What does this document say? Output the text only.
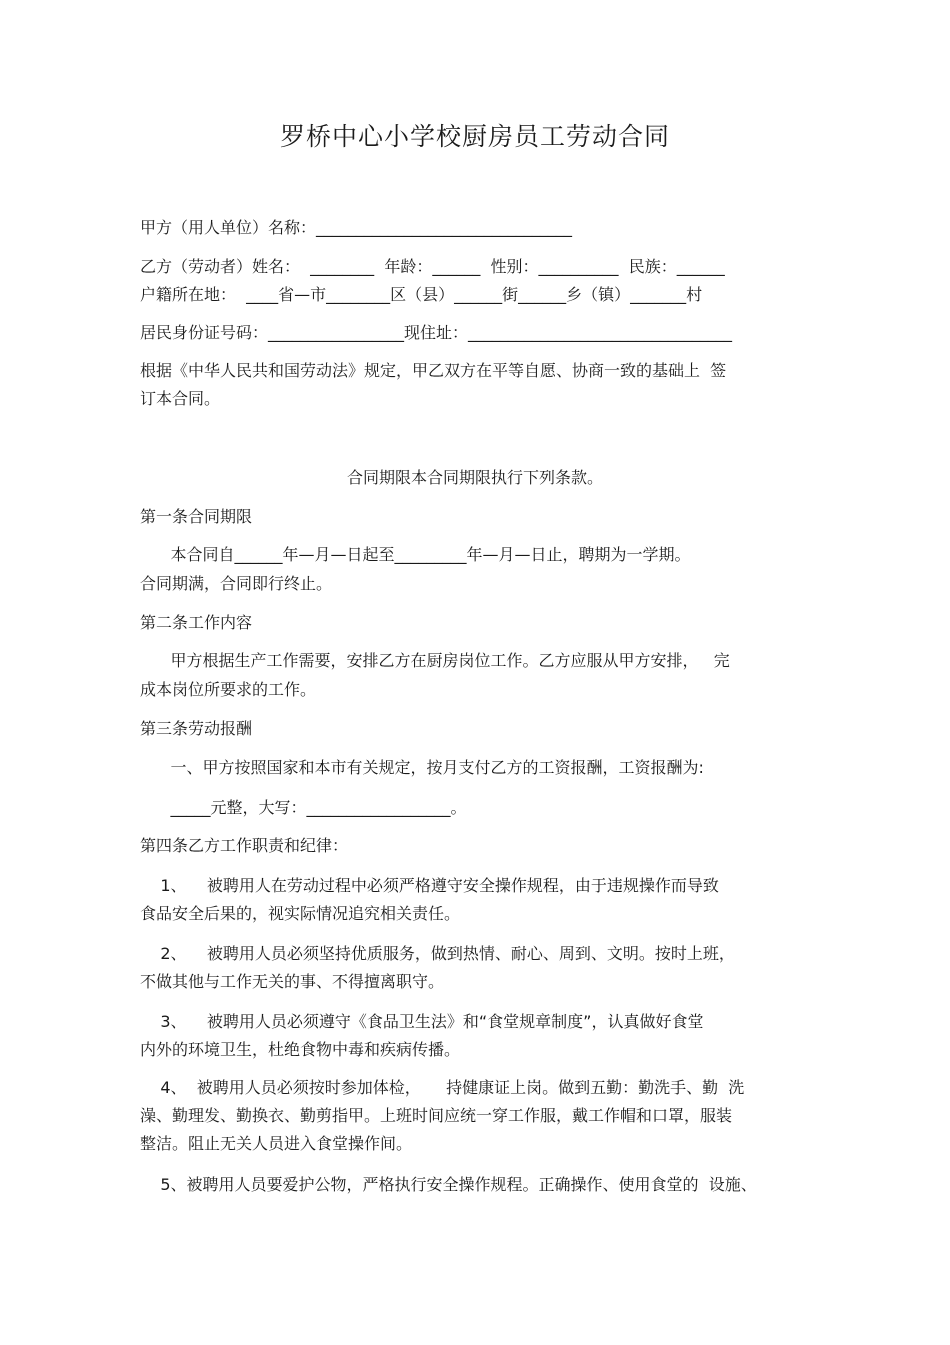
罗桥中心小学校厨房员工劳动合同
甲方（用人单位）名称：________________________________
乙方（劳动者）姓名：  ________  年龄：______  性别：__________  民族：______
户籍所在地：  ____省—市________区（县）______街______乡（镇）_______村
居民身份证号码：_________________现住址：_________________________________
根据《中华人民共和国劳动法》规定，甲乙双方在平等自愿、协商一致的基础上  签
订本合同。
合同期限本合同期限执行下列条款。
第一条合同期限
本合同自______年—月—日起至_________年—月—日止，聘期为一学期。
合同期满，合同即行终止。
第二条工作内容
甲方根据生产工作需要，安排乙方在厨房岗位工作。乙方应服从甲方安排，   完
成本岗位所要求的工作。
第三条劳动报酬
一、甲方按照国家和本市有关规定，按月支付乙方的工资报酬，工资报酬为:
_____元整，大写：__________________。
第四条乙方工作职责和纪律：
1、    被聘用人在劳动过程中必须严格遵守安全操作规程，由于违规操作而导致
食品安全后果的，视实际情况追究相关责任。
2、    被聘用人员必须坚持优质服务，做到热情、耐心、周到、文明。按时上班，
不做其他与工作无关的事、不得擅离职守。
3、    被聘用人员必须遵守《食品卫生法》和“食堂规章制度”，认真做好食堂
内外的环境卫生，杜绝食物中毒和疾病传播。
4、  被聘用人员必须按时参加体检，     持健康证上岗。做到五勤：勤洗手、勤  洗
澡、勤理发、勤换衣、勤剪指甲。上班时间应统一穿工作服，戴工作帽和口罩，服装
整洁。阻止无关人员进入食堂操作间。
5、被聘用人员要爱护公物，严格执行安全操作规程。正确操作、使用食堂的  设施、
